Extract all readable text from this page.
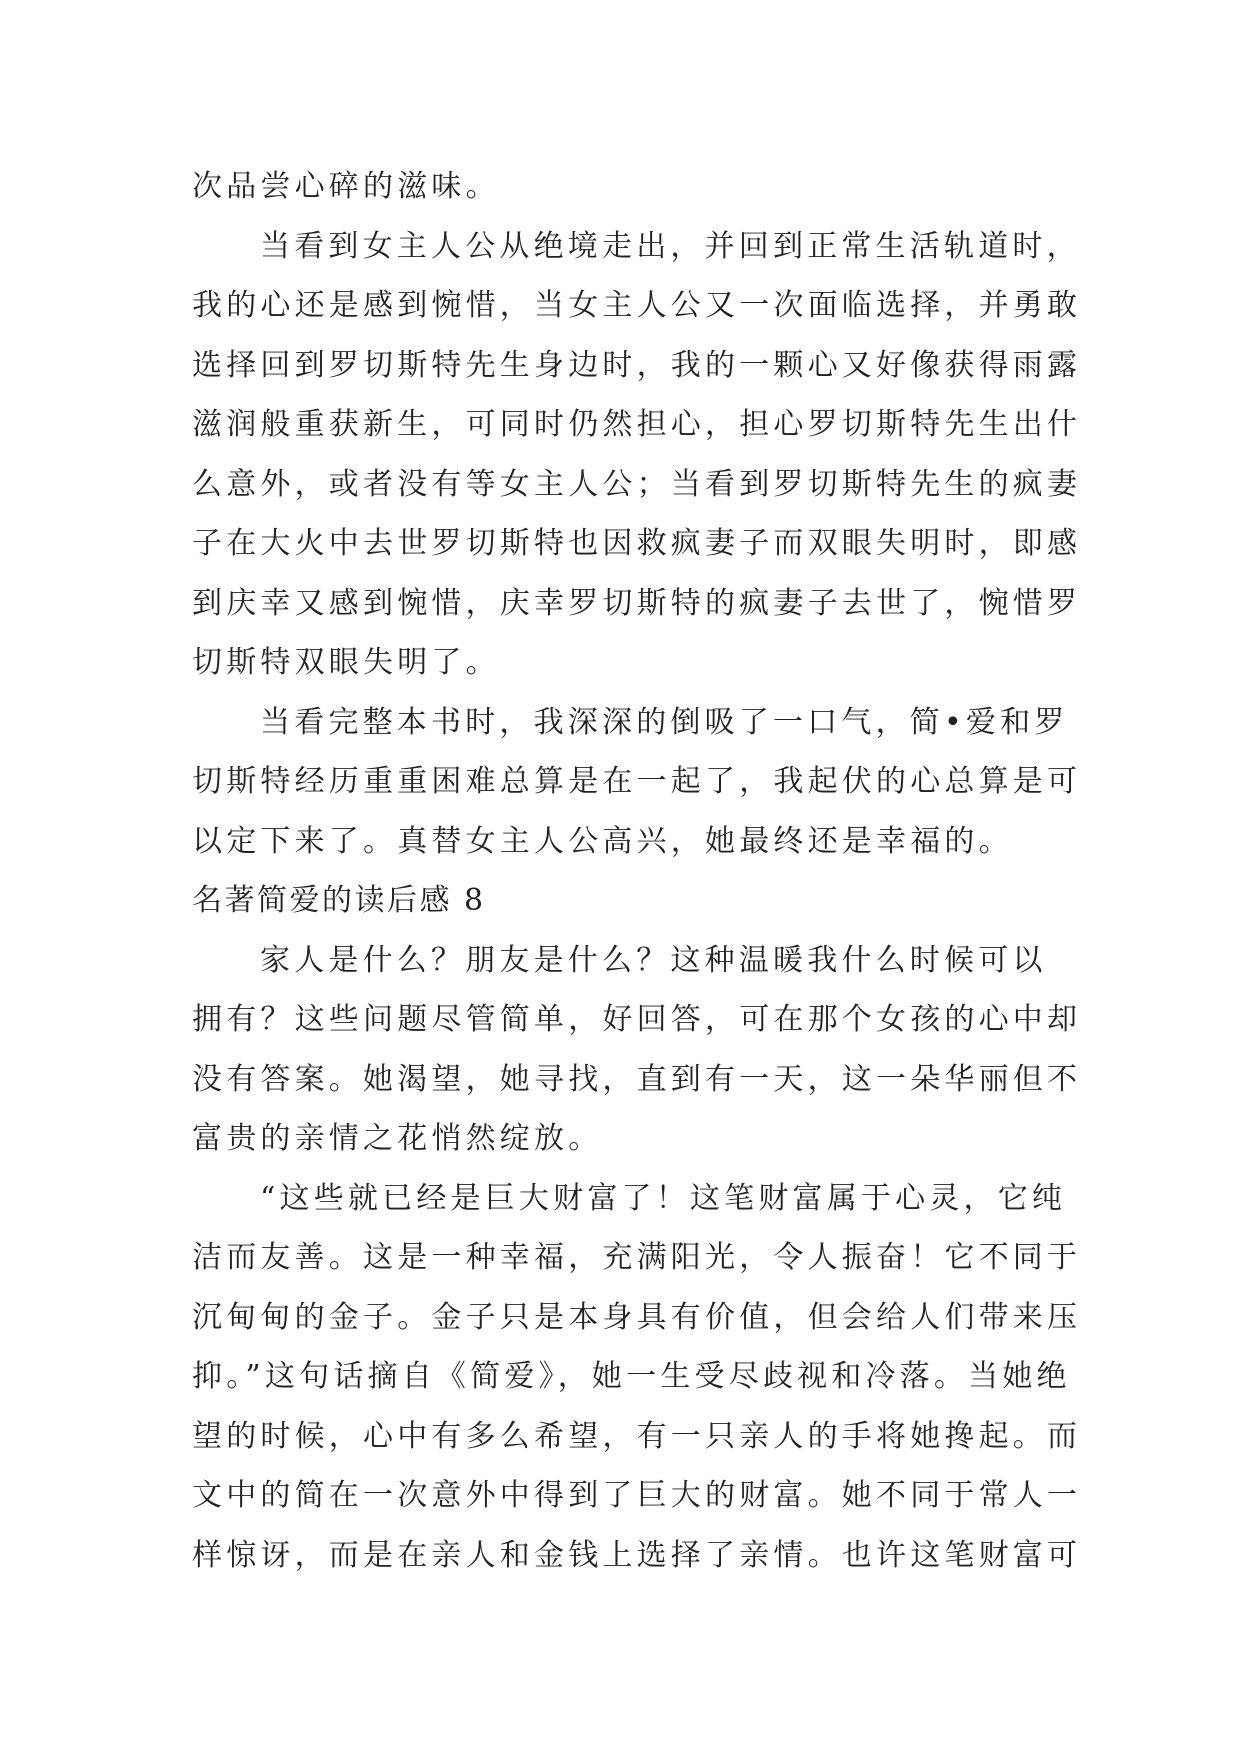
次品尝心碎的滋味。
当看到女主人公从绝境走出，并回到正常生活轨道时，
我的心还是感到惋惜，当女主人公又一次面临选择，并勇敢
选择回到罗切斯特先生身边时，我的一颗心又好像获得雨露
滋润般重获新生，可同时仍然担心，担心罗切斯特先生出什
么意外，或者没有等女主人公；当看到罗切斯特先生的疯妻
子在大火中去世罗切斯特也因救疯妻子而双眼失明时，即感
到庆幸又感到惋惜，庆幸罗切斯特的疯妻子去世了，惋惜罗
切斯特双眼失明了。
当看完整本书时，我深深的倒吸了一口气，简•爱和罗
切斯特经历重重困难总算是在一起了，我起伏的心总算是可
以定下来了。真替女主人公高兴，她最终还是幸福的。
名著简爱的读后感 8
家人是什么？朋友是什么？这种温暖我什么时候可以
拥有？这些问题尽管简单，好回答，可在那个女孩的心中却
没有答案。她渴望，她寻找，直到有一天，这一朵华丽但不
富贵的亲情之花悄然绽放。
“这些就已经是巨大财富了！这笔财富属于心灵，它纯
洁而友善。这是一种幸福，充满阳光，令人振奋！它不同于
沉甸甸的金子。金子只是本身具有价值，但会给人们带来压
抑。”这句话摘自《简爱》，她一生受尽歧视和冷落。当她绝
望的时候，心中有多么希望，有一只亲人的手将她搀起。而
文中的简在一次意外中得到了巨大的财富。她不同于常人一
样惊讶，而是在亲人和金钱上选择了亲情。也许这笔财富可
